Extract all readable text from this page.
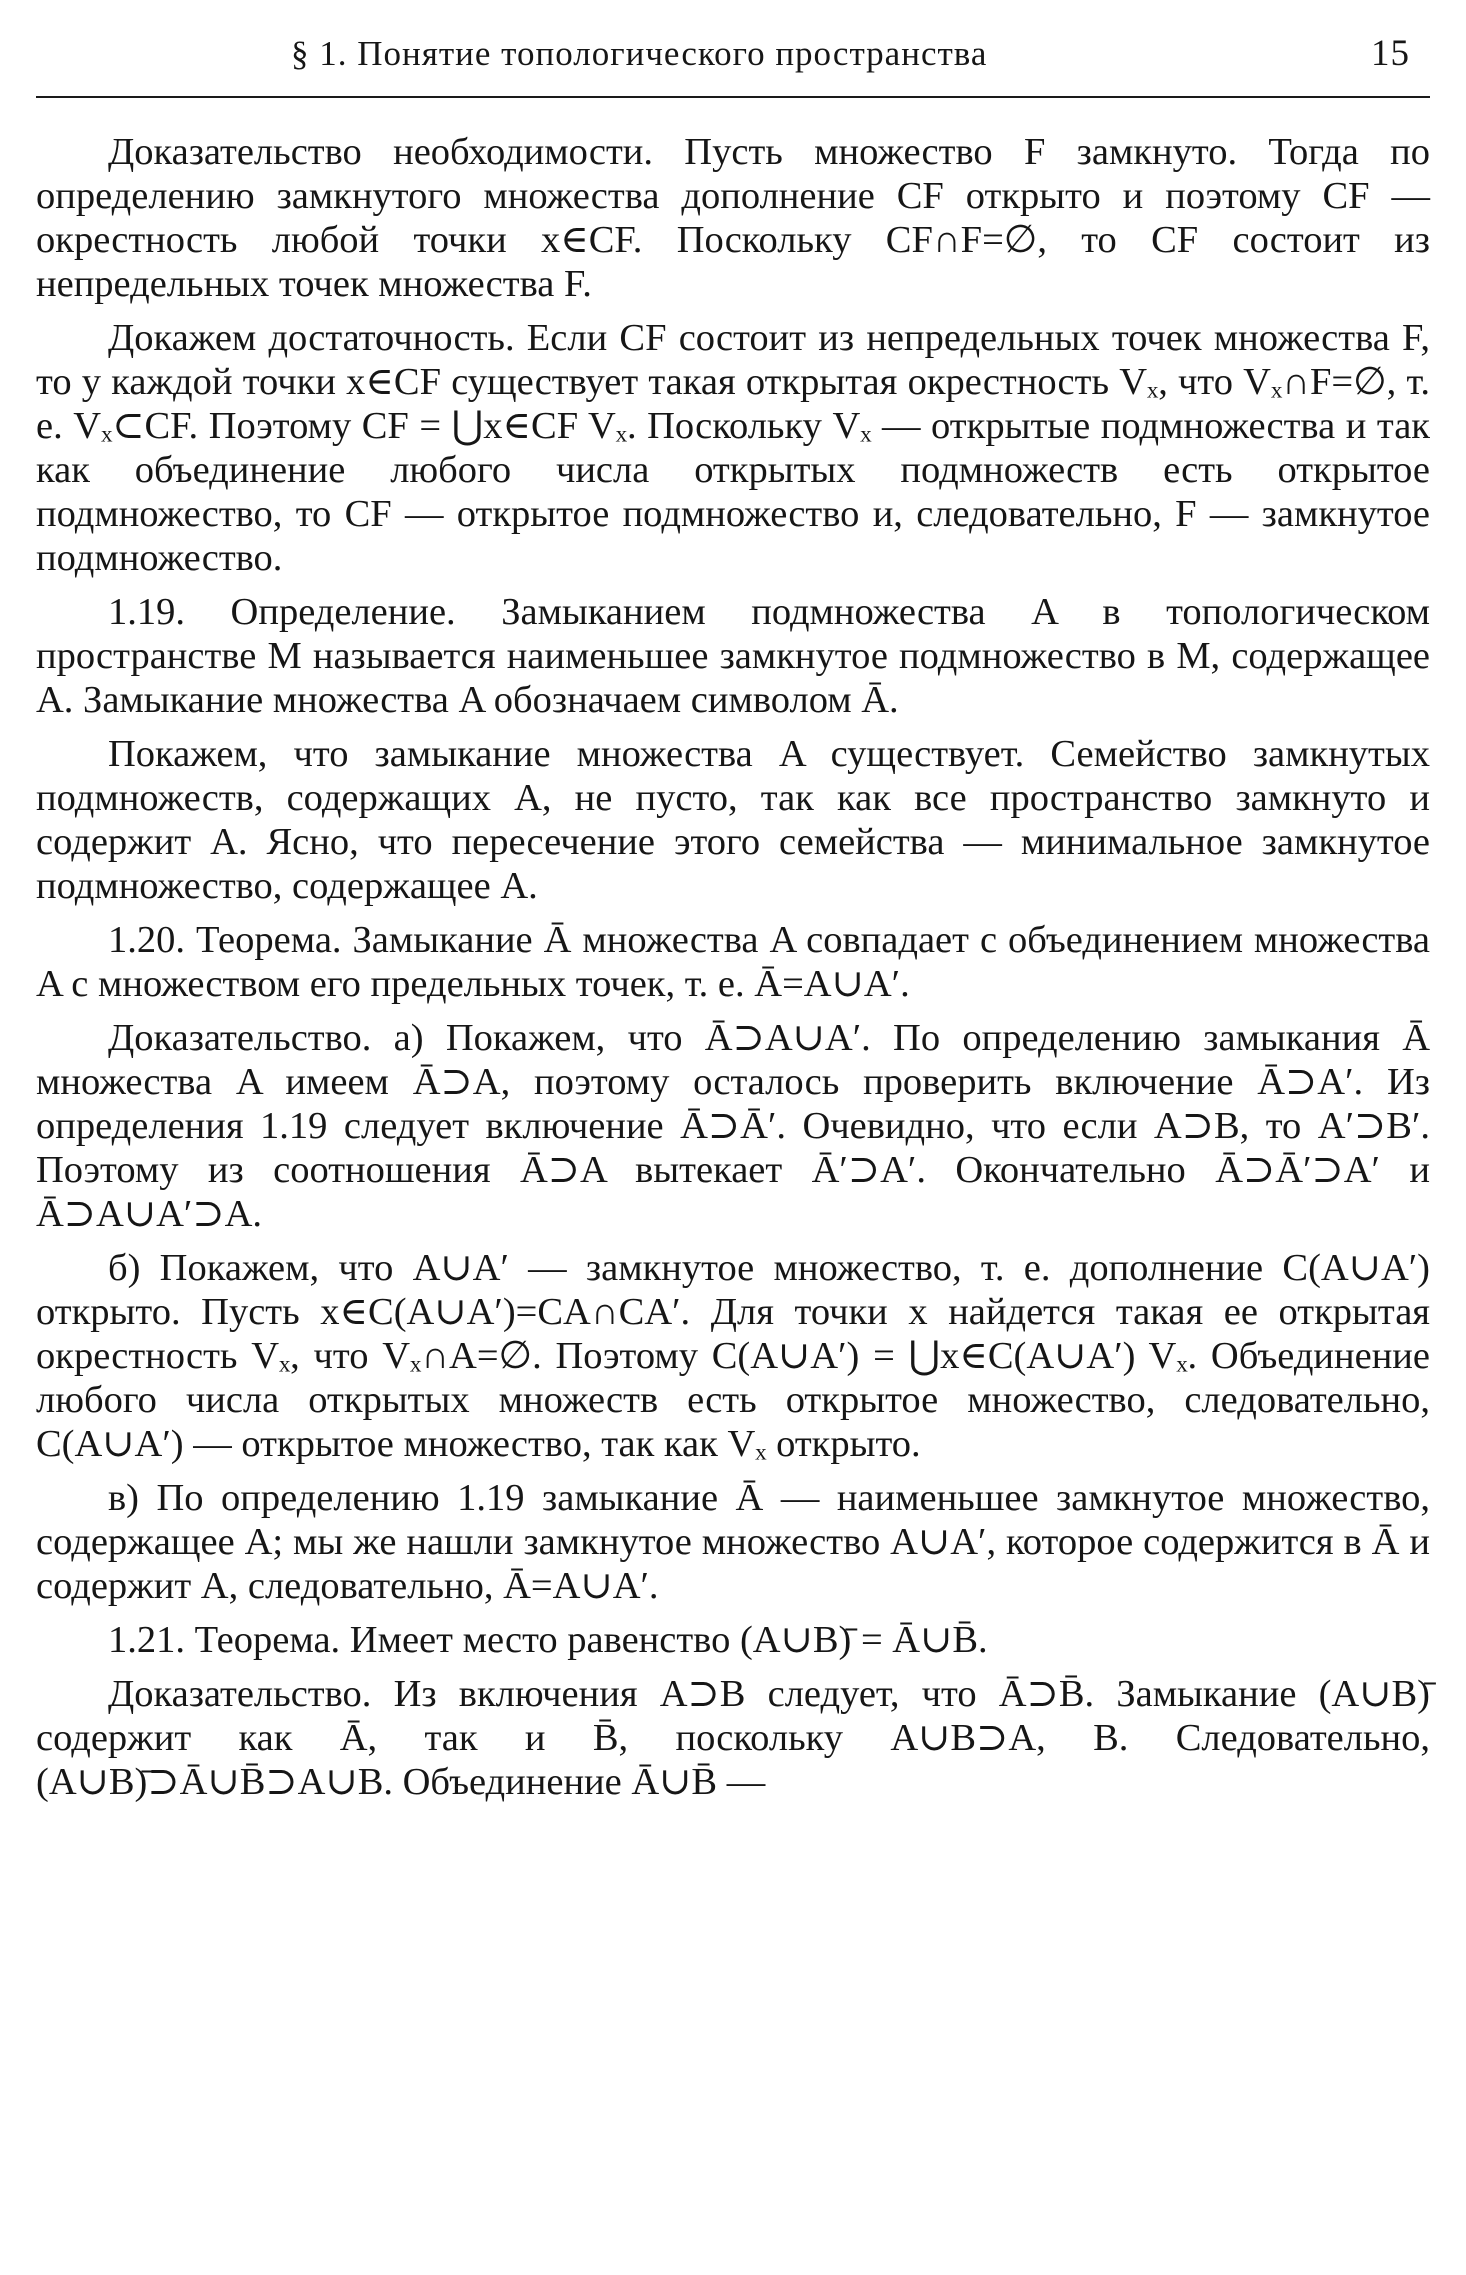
§ 1. Понятие топологического пространства	15

Доказательство необходимости. Пусть множество F замкнуто. Тогда по определению замкнутого множества дополнение CF открыто и поэтому CF — окрестность любой точки x∈CF. Поскольку CF∩F=∅, то CF состоит из непредельных точек множества F.

Докажем достаточность. Если CF состоит из непредельных точек множества F, то у каждой точки x∈CF существует такая открытая окрестность Vₓ, что Vₓ∩F=∅, т. е. Vₓ⊂CF. Поэтому CF = ⋃x∈CF Vₓ. Поскольку Vₓ — открытые подмножества и так как объединение любого числа открытых подмножеств есть открытое подмножество, то CF — открытое подмножество и, следовательно, F — замкнутое подмножество.

1.19. Определение. Замыканием подмножества A в топологическом пространстве M называется наименьшее замкнутое подмножество в M, содержащее A. Замыкание множества A обозначаем символом Ā.

Покажем, что замыкание множества A существует. Семейство замкнутых подмножеств, содержащих A, не пусто, так как все пространство замкнуто и содержит A. Ясно, что пересечение этого семейства — минимальное замкнутое подмножество, содержащее A.

1.20. Теорема. Замыкание Ā множества A совпадает с объединением множества A с множеством его предельных точек, т. е. Ā=A∪A′.

Доказательство. а) Покажем, что Ā⊃A∪A′. По определению замыкания Ā множества A имеем Ā⊃A, поэтому осталось проверить включение Ā⊃A′. Из определения 1.19 следует включение Ā⊃Ā′. Очевидно, что если A⊃B, то A′⊃B′. Поэтому из соотношения Ā⊃A вытекает Ā′⊃A′. Окончательно Ā⊃Ā′⊃A′ и Ā⊃A∪A′⊃A.

б) Покажем, что A∪A′ — замкнутое множество, т. е. дополнение C(A∪A′) открыто. Пусть x∈C(A∪A′)=CA∩CA′. Для точки x найдется такая ее открытая окрестность Vₓ, что Vₓ∩A=∅. Поэтому C(A∪A′) = ⋃x∈C(A∪A′) Vₓ. Объединение любого числа открытых множеств есть открытое множество, следовательно, C(A∪A′) — открытое множество, так как Vₓ открыто.

в) По определению 1.19 замыкание Ā — наименьшее замкнутое множество, содержащее A; мы же нашли замкнутое множество A∪A′, которое содержится в Ā и содержит A, следовательно, Ā=A∪A′.

1.21. Теорема. Имеет место равенство (A∪B)̄ = Ā∪B̄.

Доказательство. Из включения A⊃B следует, что Ā⊃B̄. Замыкание (A∪B)̄ содержит как Ā, так и B̄, поскольку A∪B⊃A, B. Следовательно, (A∪B)̄⊃Ā∪B̄⊃A∪B. Объединение Ā∪B̄ —
